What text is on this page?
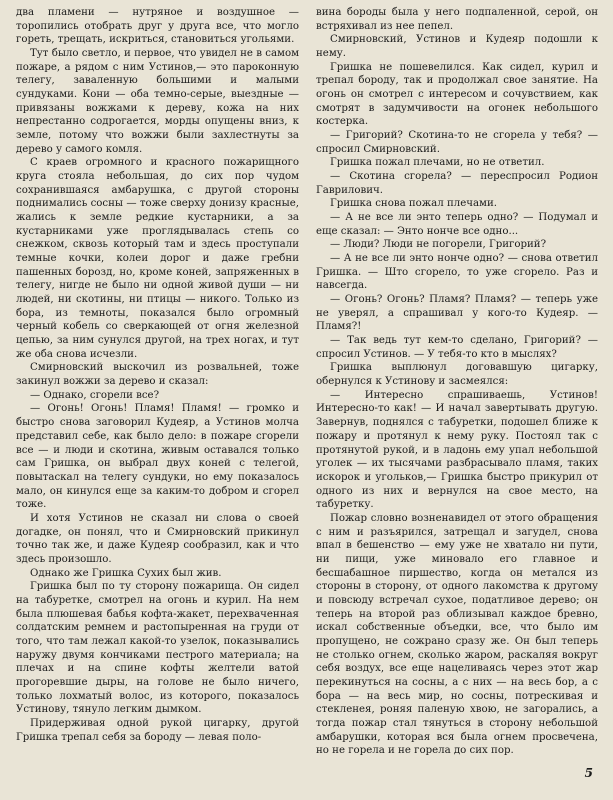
два пламени — нутряное и воздушное — торопились отобрать друг у друга все, что могло гореть, трещать, искриться, становиться угольями.

Тут было светло, и первое, что увидел не в самом пожаре, а рядом с ним Устинов,— это пароконную телегу, заваленную большими и малыми сундуками. Кони — оба темно-серые, выездные — привязаны вожжами к дереву, кожа на них непрестанно содрогается, морды опущены вниз, к земле, потому что вожжи были захлестнуты за дерево у самого комля.

С краев огромного и красного пожарищного круга стояла небольшая, до сих пор чудом сохранившаяся амбарушка, с другой стороны поднимались сосны — тоже сверху донизу красные, жались к земле редкие кустарники, а за кустарниками уже проглядывалась степь со снежком, сквозь который там и здесь проступали темные кочки, колеи дорог и даже гребни пашенных борозд, но, кроме коней, запряженных в телегу, нигде не было ни одной живой души — ни людей, ни скотины, ни птицы — никого. Только из бора, из темноты, показался было огромный черный кобель со сверкающей от огня железной цепью, за ним сунулся другой, на трех ногах, и тут же оба снова исчезли.

Смирновский выскочил из розвальней, тоже закинул вожжи за дерево и сказал:

— Однако, сгорели все?

— Огонь! Огонь! Пламя! Пламя! — громко и быстро снова заговорил Кудеяр, а Устинов молча представил себе, как было дело: в пожаре сгорели все — и люди и скотина, живым оставался только сам Гришка, он выбрал двух коней с телегой, повытаскал на телегу сундуки, но ему показалось мало, он кинулся еще за каким-то добром и сгорел тоже.

И хотя Устинов не сказал ни слова о своей догадке, он понял, что и Смирновский прикинул точно так же, и даже Кудеяр сообразил, как и что здесь произошло.

Однако же Гришка Сухих был жив.

Гришка был по ту сторону пожарища. Он сидел на табуретке, смотрел на огонь и курил. На нем была плюшевая бабья кофта-жакет, перехваченная солдатским ремнем и растопыренная на груди от того, что там лежал какой-то узелок, показывались наружу двумя кончиками пестрого материала; на плечах и на спине кофты желтели ватой прогоревшие дыры, на голове не было ничего, только лохматый волос, из которого, показалось Устинову, тянуло легким дымком.

Придерживая одной рукой цигарку, другой Гришка трепал себя за бороду — левая поло-

вина бороды была у него подпаленной, серой, он встряхивал из нее пепел.

Смирновский, Устинов и Кудеяр подошли к нему.

Гришка не пошевелился. Как сидел, курил и трепал бороду, так и продолжал свое занятие. На огонь он смотрел с интересом и сочувствием, как смотрят в задумчивости на огонек небольшого костерка.

— Григорий? Скотина-то не сгорела у тебя? — спросил Смирновский.

Гришка пожал плечами, но не ответил.

— Скотина сгорела? — переспросил Родион Гаврилович.

Гришка снова пожал плечами.

— А не все ли энто теперь одно? — Подумал и еще сказал: — Энто нонче все одно...

— Люди? Люди не погорели, Григорий?

— А не все ли энто нонче одно? — снова ответил Гришка. — Што сгорело, то уже сгорело. Раз и навсегда.

— Огонь? Огонь? Пламя? Пламя? — теперь уже не уверял, а спрашивал у кого-то Кудеяр. — Пламя?!

— Так ведь тут кем-то сделано, Григорий? — спросил Устинов. — У тебя-то кто в мыслях?

Гришка выплюнул договавшую цигарку, обернулся к Устинову и засмеялся:

— Интересно спрашиваешь, Устинов! Интересно-то как! — И начал завертывать другую. Завернув, поднялся с табуретки, подошел ближе к пожару и протянул к нему руку. Постоял так с протянутой рукой, и в ладонь ему упал небольшой уголек — их тысячами разбрасывало пламя, таких искорок и угольков,— Гришка быстро прикурил от одного из них и вернулся на свое место, на табуретку.

Пожар словно возненавидел от этого обращения с ним и разъярился, затрещал и загудел, снова впал в бешенство — ему уже не хватало ни пути, ни пищи, уже миновало его главное и бесшабашное пиршество, когда он метался из стороны в сторону, от одного лакомства к другому и повсюду встречал сухое, податливое дерево; он теперь на второй раз облизывал каждое бревно, искал собственные объедки, все, что было им пропущено, не сожрано сразу же. Он был теперь не столько огнем, сколько жаром, раскаляя вокруг себя воздух, все еще нацеливаясь через этот жар перекинуться на сосны, а с них — на весь бор, а с бора — на весь мир, но сосны, потрескивая и стекленея, роняя паленую хвою, не загорались, а тогда пожар стал тянуться в сторону небольшой амбарушки, которая вся была огнем просвечена, но не горела и не горела до сих пор.

5
